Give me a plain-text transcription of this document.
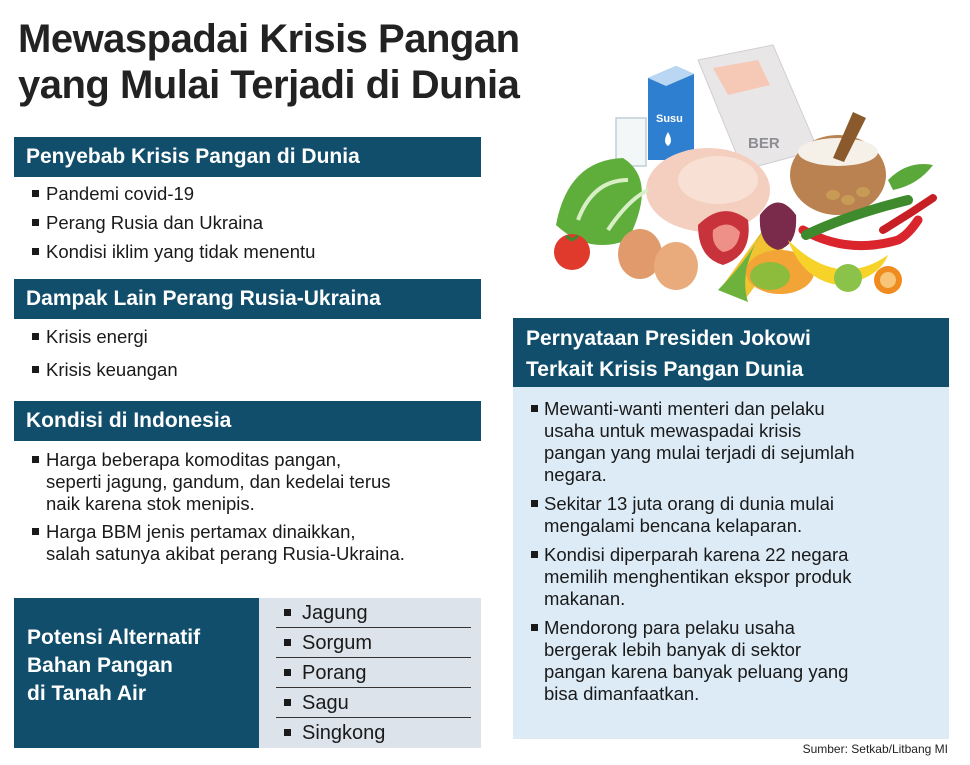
Mewaspadai Krisis Pangan
yang Mulai Terjadi di Dunia
Penyebab Krisis Pangan di Dunia
Pandemi covid-19
Perang Rusia dan Ukraina
Kondisi iklim yang tidak menentu
Dampak Lain Perang Rusia-Ukraina
Krisis energi
Krisis keuangan
Kondisi di Indonesia
Harga beberapa komoditas pangan,
seperti jagung, gandum, dan kedelai terus
naik karena stok menipis.
Harga BBM jenis pertamax dinaikkan,
salah satunya akibat perang Rusia-Ukraina.
Potensi Alternatif
Bahan Pangan
di Tanah Air
Jagung
Sorgum
Porang
Sagu
Singkong
Susu
BER
Pernyataan Presiden Jokowi
Terkait Krisis Pangan Dunia
Mewanti-wanti menteri dan pelaku
usaha untuk mewaspadai krisis
pangan yang mulai terjadi di sejumlah
negara.
Sekitar 13 juta orang di dunia mulai
mengalami bencana kelaparan.
Kondisi diperparah karena 22 negara
memilih menghentikan ekspor produk
makanan.
Mendorong para pelaku usaha
bergerak lebih banyak di sektor
pangan karena banyak peluang yang
bisa dimanfaatkan.
Sumber: Setkab/Litbang MI
